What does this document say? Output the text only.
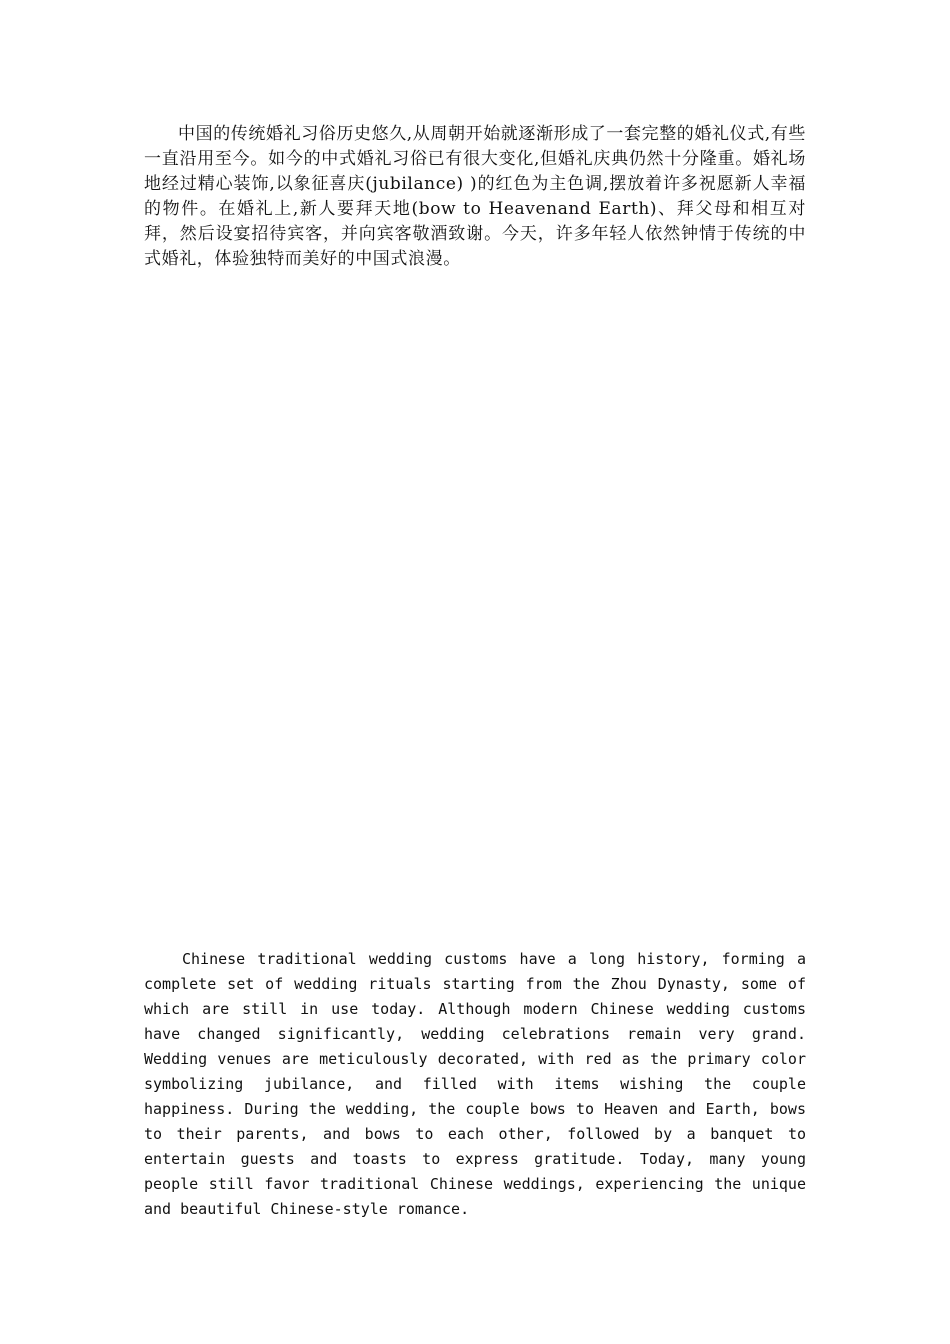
中国的传统婚礼习俗历史悠久,从周朝开始就逐渐形成了一套完整的婚礼仪式,有些一直沿用至今。如今的中式婚礼习俗已有很大变化,但婚礼庆典仍然十分隆重。婚礼场地经过精心装饰,以象征喜庆(jubilance) )的红色为主色调,摆放着许多祝愿新人幸福的物件。在婚礼上,新人要拜天地(bow to Heavenand Earth)、拜父母和相互对拜，然后设宴招待宾客，并向宾客敬酒致谢。今天，许多年轻人依然钟情于传统的中式婚礼，体验独特而美好的中国式浪漫。

Chinese traditional wedding customs have a long history, forming a complete set of wedding rituals starting from the Zhou Dynasty, some of which are still in use today. Although modern Chinese wedding customs have changed significantly, wedding celebrations remain very grand. Wedding venues are meticulously decorated, with red as the primary color symbolizing jubilance, and filled with items wishing the couple happiness. During the wedding, the couple bows to Heaven and Earth, bows to their parents, and bows to each other, followed by a banquet to entertain guests and toasts to express gratitude. Today, many young people still favor traditional Chinese weddings, experiencing the unique and beautiful Chinese-style romance.
